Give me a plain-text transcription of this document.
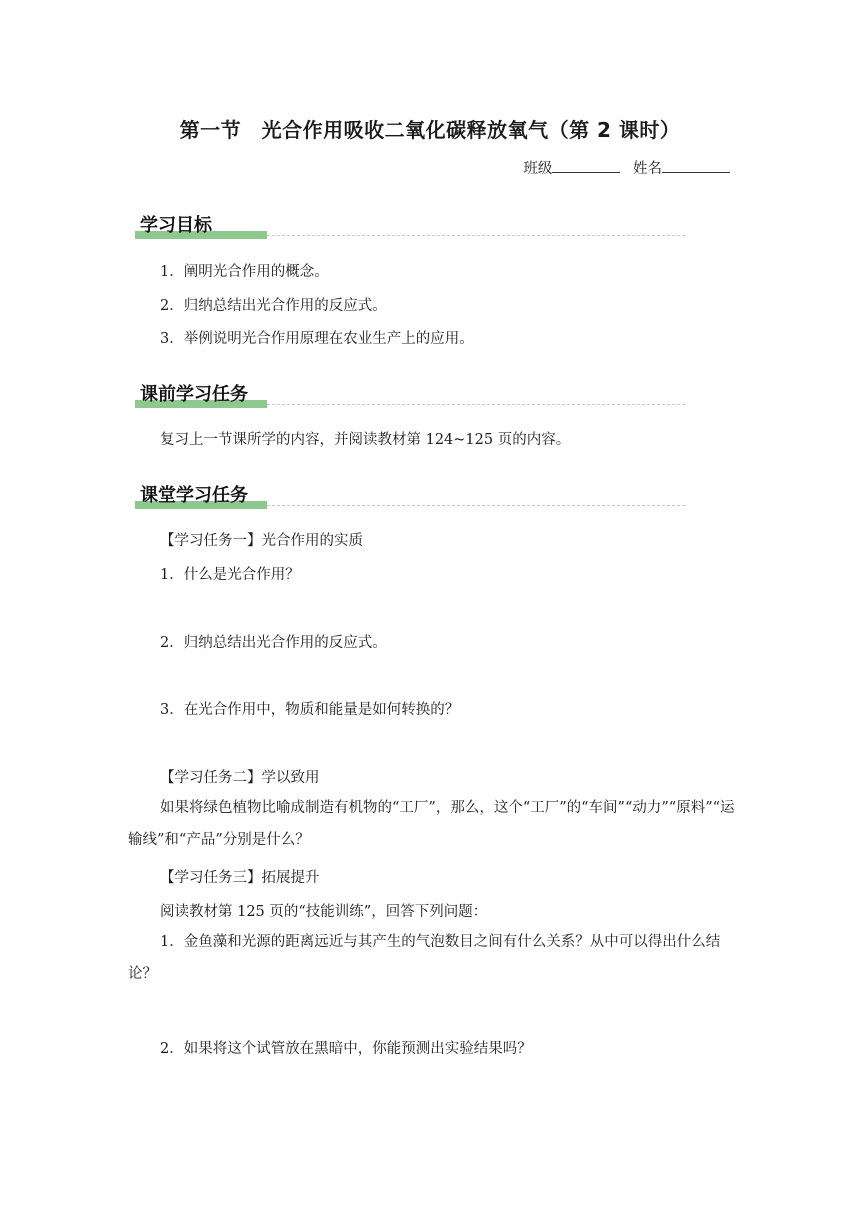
第一节　光合作用吸收二氧化碳释放氧气（第 2 课时）
班级	姓名
学习目标
1．阐明光合作用的概念。
2．归纳总结出光合作用的反应式。
3．举例说明光合作用原理在农业生产上的应用。
课前学习任务
复习上一节课所学的内容，并阅读教材第 124~125 页的内容。
课堂学习任务
【学习任务一】光合作用的实质
1．什么是光合作用？
2．归纳总结出光合作用的反应式。
3．在光合作用中，物质和能量是如何转换的？
【学习任务二】学以致用
如果将绿色植物比喻成制造有机物的“工厂”，那么，这个“工厂”的“车间”“动力”“原料”“运输线”和“产品”分别是什么？
【学习任务三】拓展提升
阅读教材第 125 页的“技能训练”，回答下列问题：
1．金鱼藻和光源的距离远近与其产生的气泡数目之间有什么关系？从中可以得出什么结论？
2．如果将这个试管放在黑暗中，你能预测出实验结果吗？
